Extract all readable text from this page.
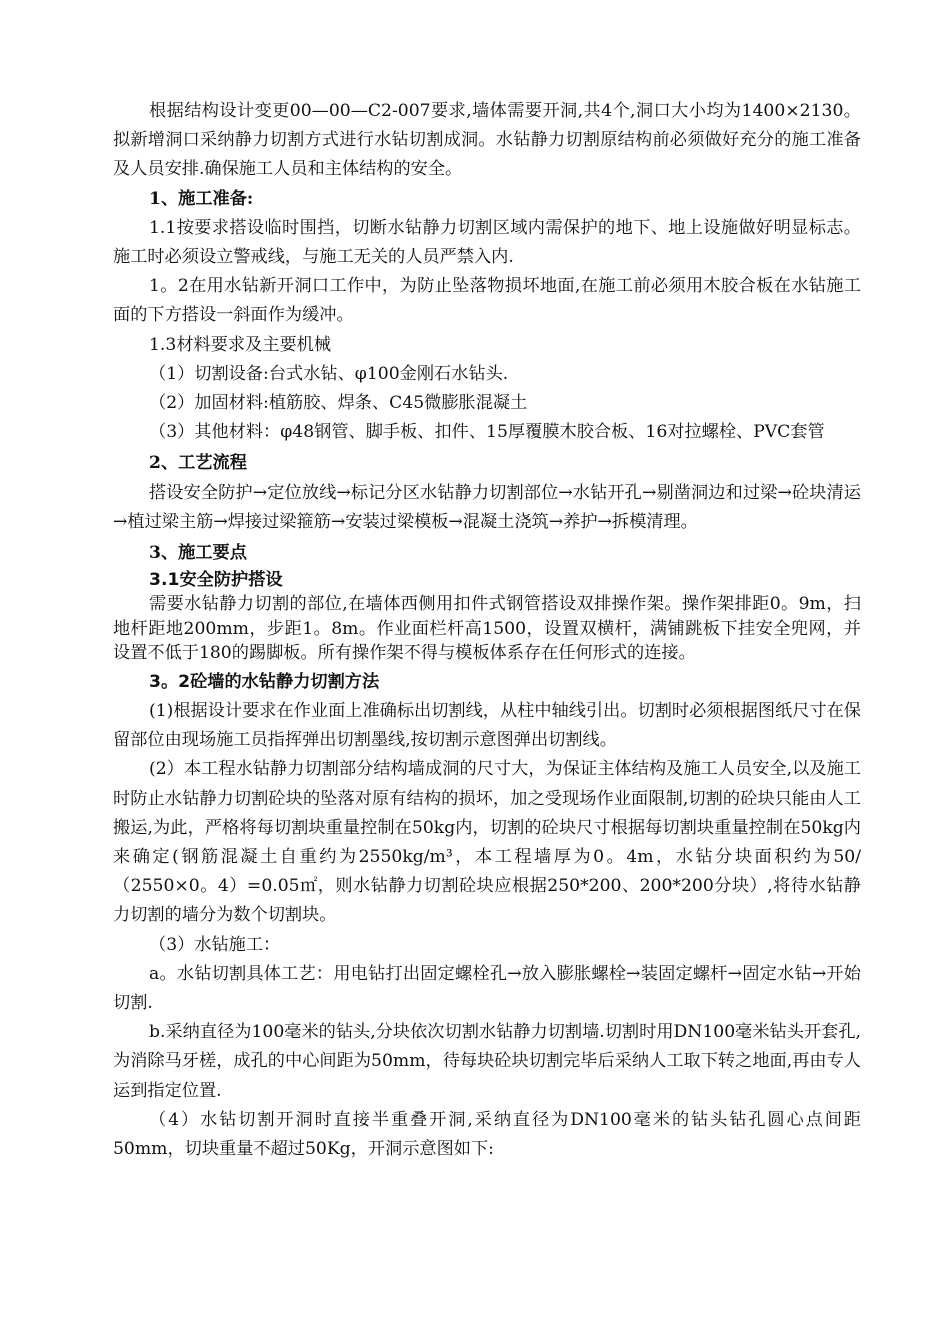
根据结构设计变更00—00—C2-007要求,墙体需要开洞,共4个,洞口大小均为1400×2130。拟新增洞口采纳静力切割方式进行水钻切割成洞。水钻静力切割原结构前必须做好充分的施工准备及人员安排.确保施工人员和主体结构的安全。

1、施工准备:

1.1按要求搭设临时围挡，切断水钻静力切割区域内需保护的地下、地上设施做好明显标志。施工时必须设立警戒线，与施工无关的人员严禁入内.

1。2在用水钻新开洞口工作中，为防止坠落物损坏地面,在施工前必须用木胶合板在水钻施工面的下方搭设一斜面作为缓冲。

1.3材料要求及主要机械

（1）切割设备:台式水钻、φ100金刚石水钻头.

（2）加固材料:植筋胶、焊条、C45微膨胀混凝土

（3）其他材料：φ48钢管、脚手板、扣件、15厚覆膜木胶合板、16对拉螺栓、PVC套管

2、工艺流程

搭设安全防护→定位放线→标记分区水钻静力切割部位→水钻开孔→剔凿洞边和过梁→砼块清运→植过梁主筋→焊接过梁箍筋→安装过梁模板→混凝土浇筑→养护→拆模清理。

3、施工要点

3.1安全防护搭设

需要水钻静力切割的部位,在墙体西侧用扣件式钢管搭设双排操作架。操作架排距0。9m，扫地杆距地200mm，步距1。8m。作业面栏杆高1500，设置双横杆，满铺跳板下挂安全兜网，并设置不低于180的踢脚板。所有操作架不得与模板体系存在任何形式的连接。

3。2砼墙的水钻静力切割方法

(1)根据设计要求在作业面上准确标出切割线，从柱中轴线引出。切割时必须根据图纸尺寸在保留部位由现场施工员指挥弹出切割墨线,按切割示意图弹出切割线。

(2）本工程水钻静力切割部分结构墙成洞的尺寸大，为保证主体结构及施工人员安全,以及施工时防止水钻静力切割砼块的坠落对原有结构的损坏，加之受现场作业面限制,切割的砼块只能由人工搬运,为此，严格将每切割块重量控制在50kg内，切割的砼块尺寸根据每切割块重量控制在50kg内来确定(钢筋混凝土自重约为2550kg/m³，本工程墙厚为0。4m，水钻分块面积约为50/（2550×0。4）=0.05㎡，则水钻静力切割砼块应根据250*200、200*200分块）,将待水钻静力切割的墙分为数个切割块。

（3）水钻施工：

a。水钻切割具体工艺：用电钻打出固定螺栓孔→放入膨胀螺栓→装固定螺杆→固定水钻→开始切割.

b.采纳直径为100毫米的钻头,分块依次切割水钻静力切割墙.切割时用DN100毫米钻头开套孔,为消除马牙槎，成孔的中心间距为50mm，待每块砼块切割完毕后采纳人工取下转之地面,再由专人运到指定位置.

（4）水钻切割开洞时直接半重叠开洞,采纳直径为DN100毫米的钻头钻孔圆心点间距50mm，切块重量不超过50Kg，开洞示意图如下:
